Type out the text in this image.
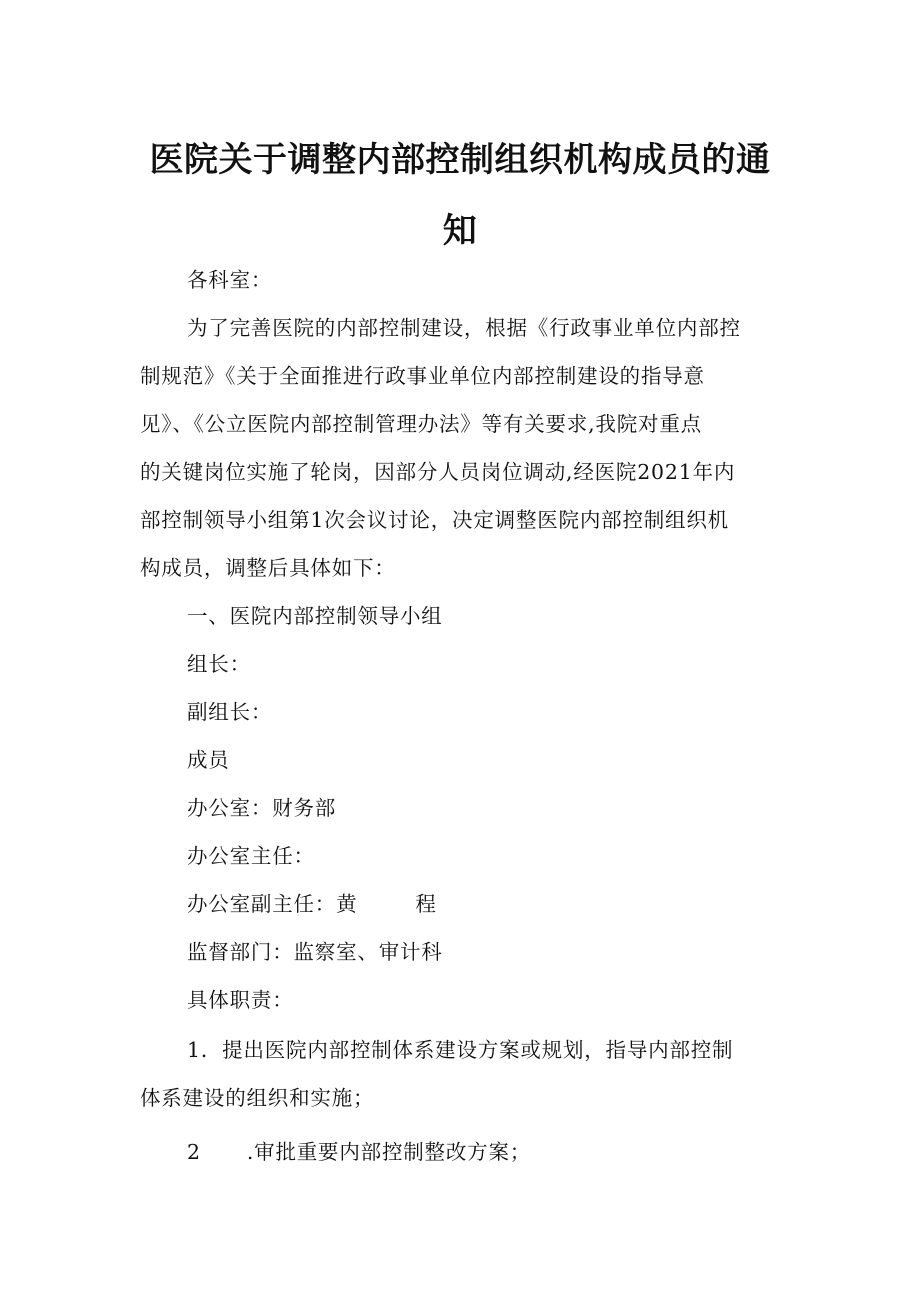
医院关于调整内部控制组织机构成员的通
知
各科室：
为了完善医院的内部控制建设，根据《行政事业单位内部控
制规范》《关于全面推进行政事业单位内部控制建设的指导意
见》、《公立医院内部控制管理办法》等有关要求,我院对重点
的关键岗位实施了轮岗，因部分人员岗位调动,经医院2021年内
部控制领导小组第1次会议讨论，决定调整医院内部控制组织机
构成员，调整后具体如下：
一、医院内部控制领导小组
组长：
副组长：
成员
办公室：财务部
办公室主任：
办公室副主任：黄	程
监督部门：监察室、审计科
具体职责：
1．提出医院内部控制体系建设方案或规划，指导内部控制
体系建设的组织和实施；
2 .审批重要内部控制整改方案；
